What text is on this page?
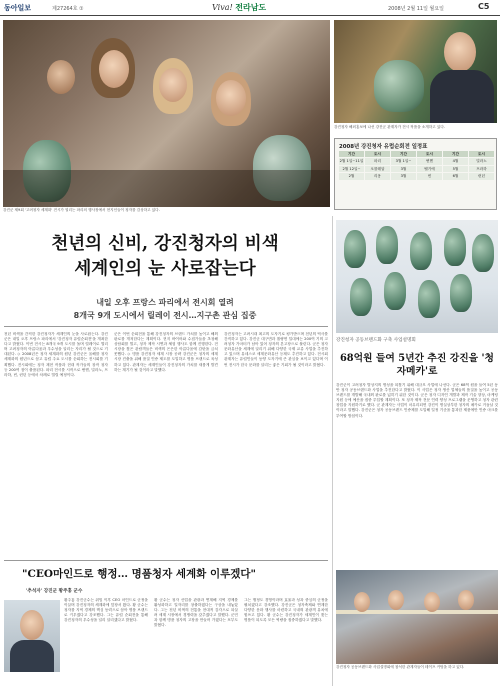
동아일보	제27264호 ①	Viva! 전라남도	2008년 2월 11일 월요일	C5
강진군 제9회 '고려청자 세계화' 전시가 열리는 파리의 행사장에서 현지인들이 청자를 감상하고 있다.
강진청자 해외홍보에 나선 강진군 관계자가 전시 작품을 소개하고 있다.
2008년 강진청자 유럽순회전 일정표
기간	도시	기간	도시	기간	도시
2월 1일~11일	파리	3월 1일~	뮌헨	4월	밀라노
2월 12일~	오를레앙	3월	벨기에	5월	프라하
2월	리옹	3월	빈	6월	런던
천년의 신비, 강진청자의 비색
세계인의 눈 사로잡는다
내일 오후 프랑스 파리에서 전시회 열려
8개국 9개 도시에서 릴레이 전시…지구촌 관심 집중
천년 비색을 간직한 강진청자가 세계인의 눈을 사로잡는다. 강진군은 내일 오후 프랑스 파리에서 '강진청자 유럽순회전'을 개최한다고 밝혔다. 이번 전시는 8개국 9개 도시를 돌며 릴레이로 열리며 고려청자의 아름다움과 우수성을 알리는 자리가 될 것으로 기대된다. ◇ 2008년은 청자 세계화의 원년 강진군은 올해를 청자 세계화의 원년으로 삼고 유럽 주요 도시를 순회하는 전시회를 기획했다. 전시회에는 청자 재현 작품과 현대 작가들의 창작 청자 등 200여 점이 출품된다. 파리 전시를 시작으로 뮌헨, 밀라노, 프라하, 빈, 런던 등에서 차례로 열릴 예정이다.
군은 이번 순회전을 통해 강진청자의 브랜드 가치를 높이고 해외 판로를 개척한다는 계획이다. 현지 바이어와 수집가들을 초청해 상담회를 열고, 청자 제작 시연과 체험 행사도 함께 진행한다. 전시장을 찾은 관람객들은 비색의 은은한 아름다움에 감탄을 금치 못했다. ◇ 명품 강진청자 세계 시장 공략 강진군은 청자의 세계 시장 진출을 위해 품질 인증 제도를 도입하고 명품 브랜드로 육성하고 있다. 관계자는 세계인들이 강진청자의 가치를 새롭게 발견하는 계기가 될 것이라고 말했다.
강진청자는 고려시대 최고의 도자기로 평가받으며 천년의 역사를 간직하고 있다. 강진군 대구면과 칠량면 일대에는 200여 기의 고려청자 가마터가 남아 있어 청자의 본고장으로 불린다. 군은 청자 문화유산을 세계에 알리기 위해 다양한 국제 교류 사업을 추진하고 있으며 유네스코 세계문화유산 등재도 추진하고 있다. 전시회 관계자는 유럽인들이 동양 도자기에 큰 관심을 보이고 있다며 이번 전시가 한국 문화를 알리는 좋은 기회가 될 것이라고 밝혔다.
"CEO마인드로 행정… 명품청자 세계화 이루겠다"
'추석자' 강진군 황주홍 군수
황주홍 강진군수는 취임 이후 CEO 마인드로 군정을 이끌며 강진청자의 세계화에 앞장서 왔다. 황 군수는 청자를 지역 경제의 핵심 동력으로 삼아 명품 브랜드로 키우겠다고 강조했다. 그는 유럽 순회전을 통해 강진청자의 우수성을 널리 알리겠다고 밝혔다.
황 군수는 청자 산업을 관광과 연계해 지역 경제를 활성화하고 일자리를 창출하겠다는 구상을 내놓았다. 그는 천년 비색의 전통을 현대적 감각으로 되살려 세계 시장에서 경쟁력을 갖추겠다고 말했다. 군민과 함께 명품 청자의 고장을 만들어 가겠다는 포부도 밝혔다.
그는 행정도 경영이라며 효율과 성과 중심의 군정을 펼치겠다고 강조했다. 강진군은 청자축제와 연계한 다양한 문화 행사를 마련하고 국내외 관광객 유치에 힘쓰고 있다. 황 군수는 강진청자가 세계인이 찾는 명품이 되도록 모든 역량을 집중하겠다고 말했다.
강진청자 공동브랜드화 구축 사업설명회
68억원 들여 5년간 추진 강진을 '청자메카'로
강진군이 고려청자 발상지의 명성을 되찾기 위해 대규모 사업에 나선다. 군은 68억 원을 들여 5년 동안 청자 공동브랜드화 사업을 추진한다고 밝혔다. 이 사업은 청자 생산 업체들의 품질을 높이고 공동 브랜드를 개발해 국내외 판로를 넓히기 위한 것이다. 군은 청자 디자인 개발과 제작 기술 향상, 마케팅 지원 등에 예산을 집중 투입할 계획이다. 또 청자 제작 전문 인력 양성 프로그램을 운영하고 청자 관련 창업을 지원하기로 했다. 군 관계자는 사업이 마무리되면 강진이 명실상부한 청자의 메카로 거듭날 것이라고 말했다. 강진군은 청자 공동브랜드 인증제를 도입해 일정 기준을 통과한 제품에만 인증 마크를 부여할 방침이다.
강진청자 공동브랜드화 사업설명회에 참석한 관계자들이 테이프 커팅을 하고 있다.
